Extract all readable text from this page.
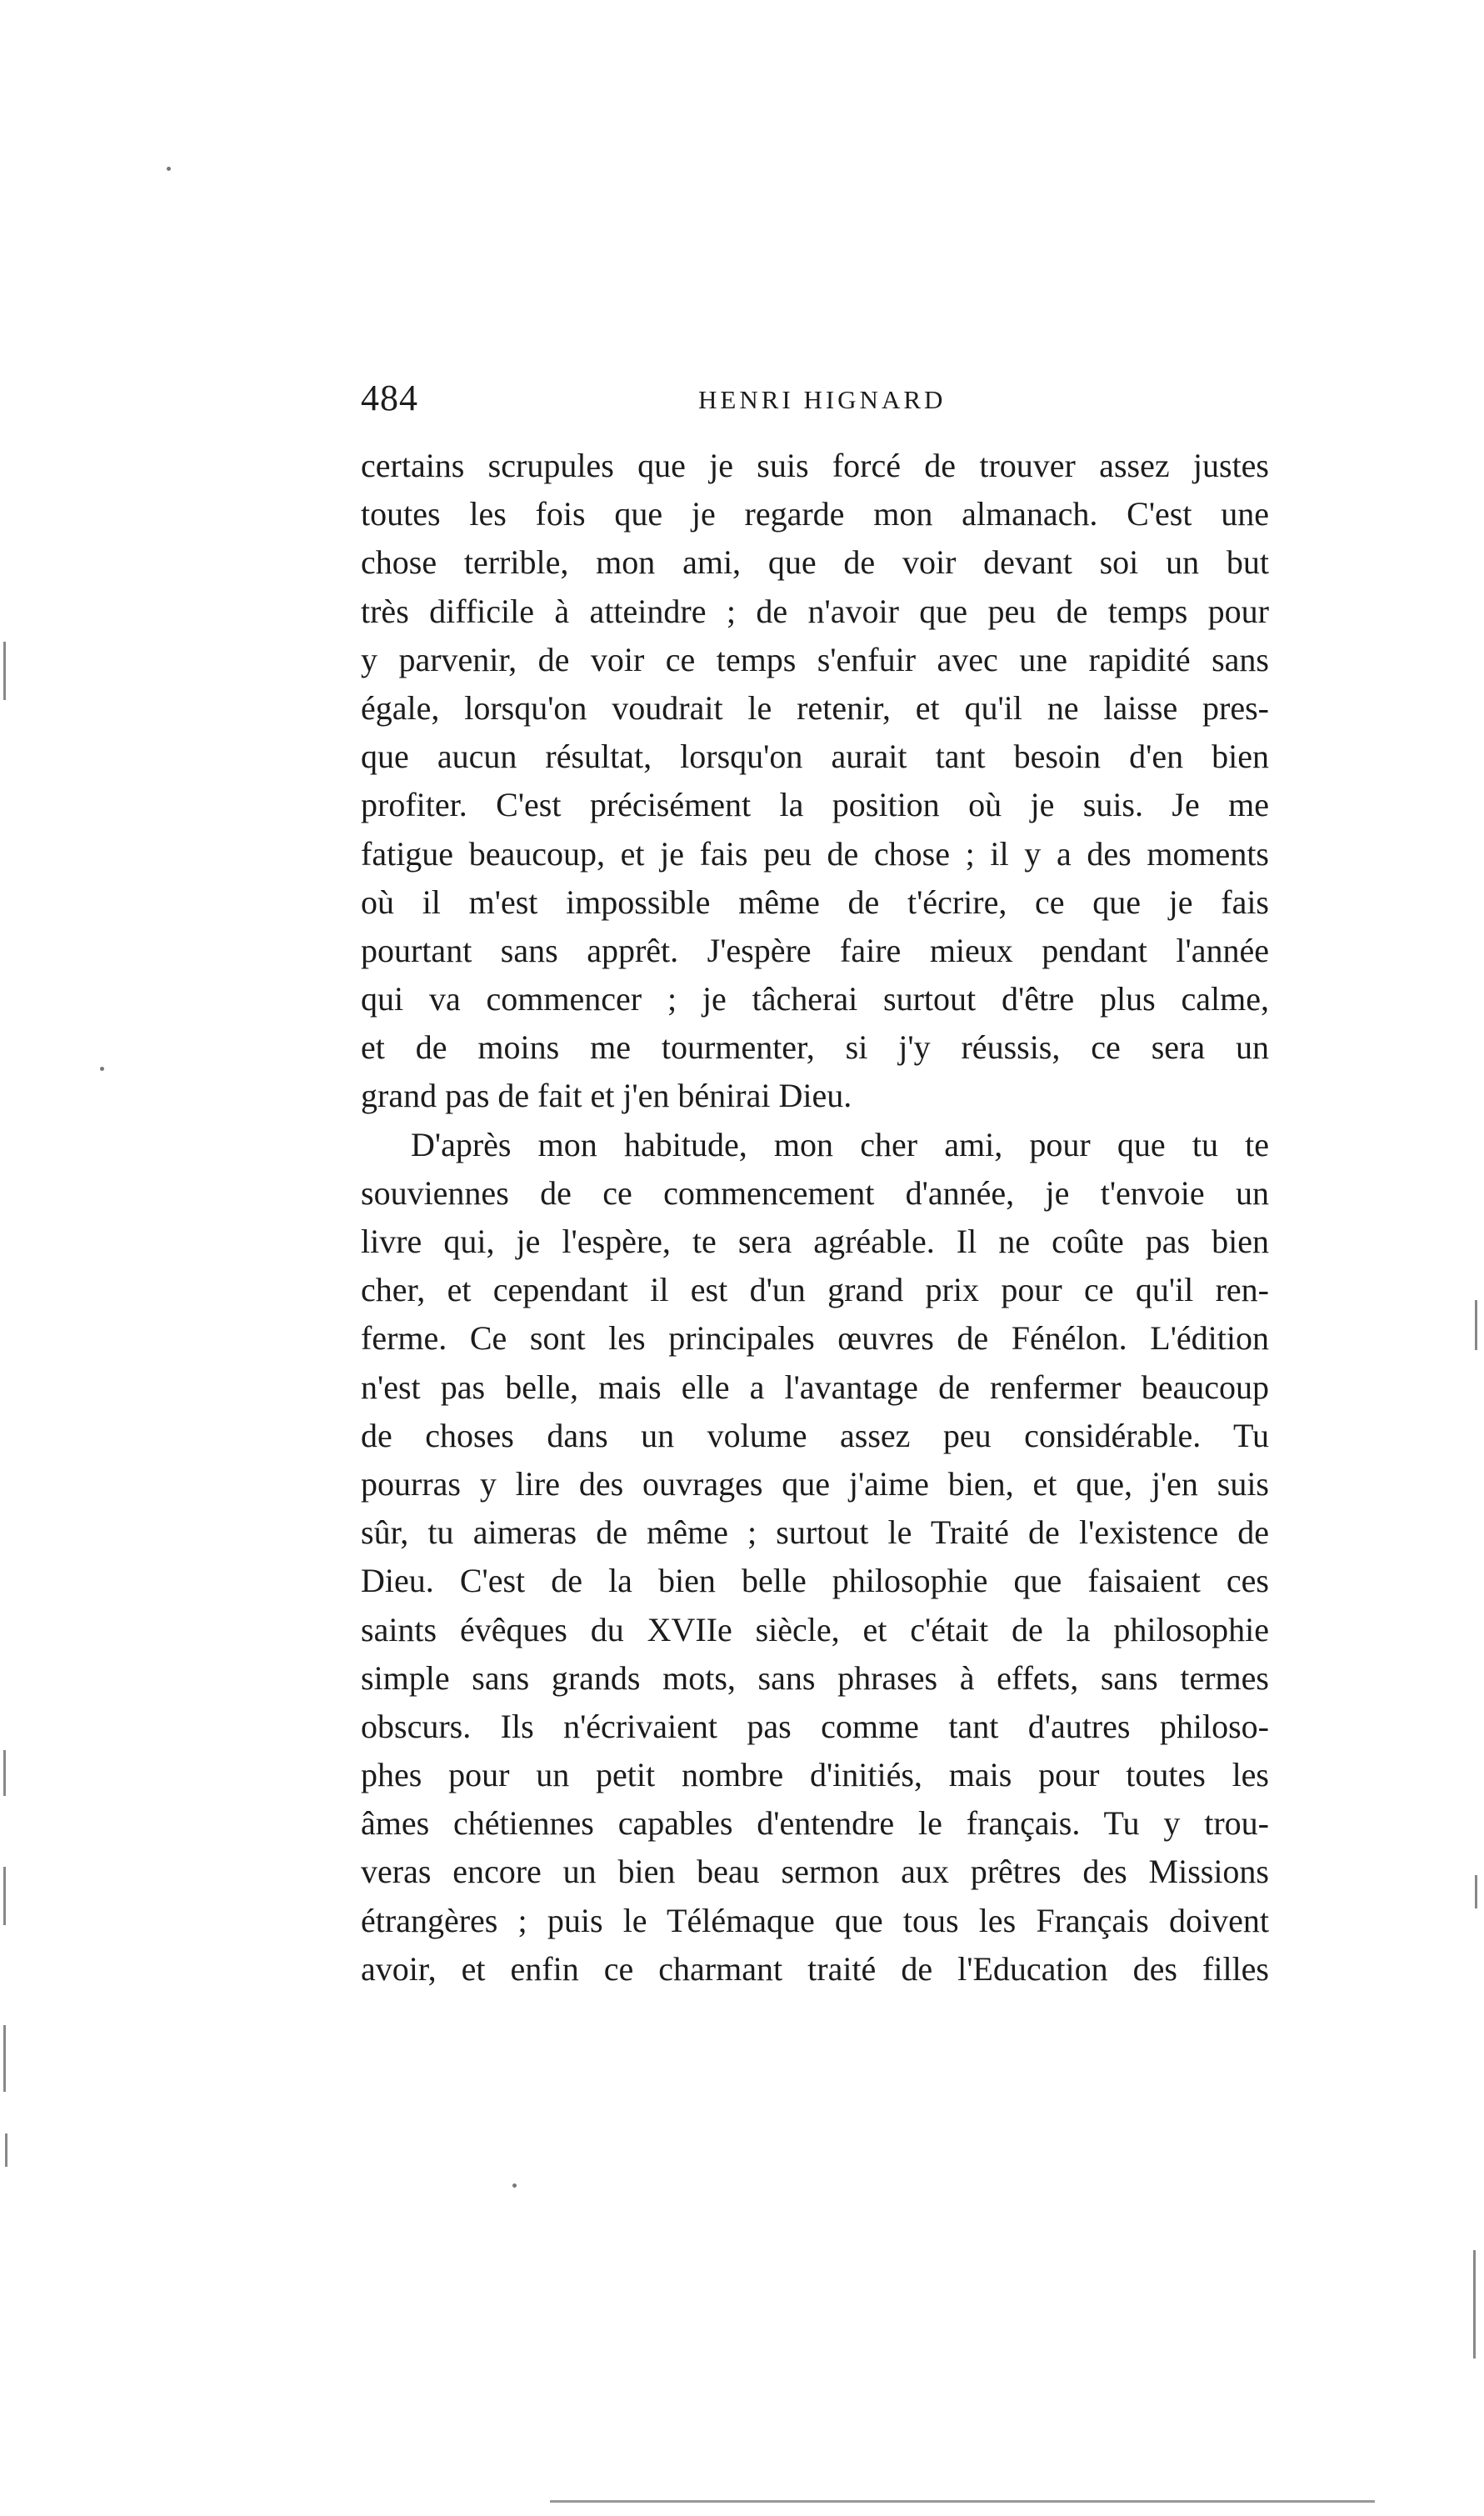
484	HENRI HIGNARD
certains scrupules que je suis forcé de trouver assez justes
toutes les fois que je regarde mon almanach. C'est une
chose terrible, mon ami, que de voir devant soi un but
très difficile à atteindre ; de n'avoir que peu de temps pour
y parvenir, de voir ce temps s'enfuir avec une rapidité sans
égale, lorsqu'on voudrait le retenir, et qu'il ne laisse pres-
que aucun résultat, lorsqu'on aurait tant besoin d'en bien
profiter. C'est précisément la position où je suis. Je me
fatigue beaucoup, et je fais peu de chose ; il y a des moments
où il m'est impossible même de t'écrire, ce que je fais
pourtant sans apprêt. J'espère faire mieux pendant l'année
qui va commencer ; je tâcherai surtout d'être plus calme,
et de moins me tourmenter, si j'y réussis, ce sera un
grand pas de fait et j'en bénirai Dieu.
D'après mon habitude, mon cher ami, pour que tu te
souviennes de ce commencement d'année, je t'envoie un
livre qui, je l'espère, te sera agréable. Il ne coûte pas bien
cher, et cependant il est d'un grand prix pour ce qu'il ren-
ferme. Ce sont les principales œuvres de Fénélon. L'édition
n'est pas belle, mais elle a l'avantage de renfermer beaucoup
de choses dans un volume assez peu considérable. Tu
pourras y lire des ouvrages que j'aime bien, et que, j'en suis
sûr, tu aimeras de même ; surtout le Traité de l'existence de
Dieu. C'est de la bien belle philosophie que faisaient ces
saints évêques du XVIIe siècle, et c'était de la philosophie
simple sans grands mots, sans phrases à effets, sans termes
obscurs. Ils n'écrivaient pas comme tant d'autres philoso-
phes pour un petit nombre d'initiés, mais pour toutes les
âmes chétiennes capables d'entendre le français. Tu y trou-
veras encore un bien beau sermon aux prêtres des Missions
étrangères ; puis le Télémaque que tous les Français doivent
avoir, et enfin ce charmant traité de l'Education des filles
